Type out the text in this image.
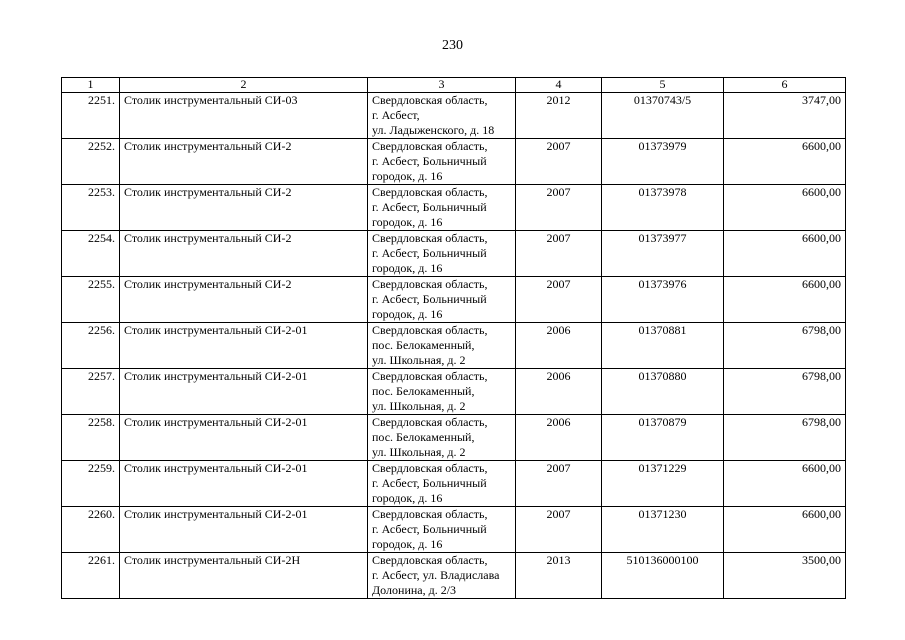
230
1	2	3	4	5	6
2251.	Столик инструментальный СИ-03	Свердловская область,
г. Асбест,
ул. Ладыженского, д. 18	2012	01370743/5	3747,00
2252.	Столик инструментальный СИ-2	Свердловская область,
г. Асбест, Больничный
городок, д. 16	2007	01373979	6600,00
2253.	Столик инструментальный СИ-2	Свердловская область,
г. Асбест, Больничный
городок, д. 16	2007	01373978	6600,00
2254.	Столик инструментальный СИ-2	Свердловская область,
г. Асбест, Больничный
городок, д. 16	2007	01373977	6600,00
2255.	Столик инструментальный СИ-2	Свердловская область,
г. Асбест, Больничный
городок, д. 16	2007	01373976	6600,00
2256.	Столик инструментальный СИ-2-01	Свердловская область,
пос. Белокаменный,
ул. Школьная, д. 2	2006	01370881	6798,00
2257.	Столик инструментальный СИ-2-01	Свердловская область,
пос. Белокаменный,
ул. Школьная, д. 2	2006	01370880	6798,00
2258.	Столик инструментальный СИ-2-01	Свердловская область,
пос. Белокаменный,
ул. Школьная, д. 2	2006	01370879	6798,00
2259.	Столик инструментальный СИ-2-01	Свердловская область,
г. Асбест, Больничный
городок, д. 16	2007	01371229	6600,00
2260.	Столик инструментальный СИ-2-01	Свердловская область,
г. Асбест, Больничный
городок, д. 16	2007	01371230	6600,00
2261.	Столик инструментальный СИ-2Н	Свердловская область,
г. Асбест, ул. Владислава
Долонина, д. 2/3	2013	510136000100	3500,00
